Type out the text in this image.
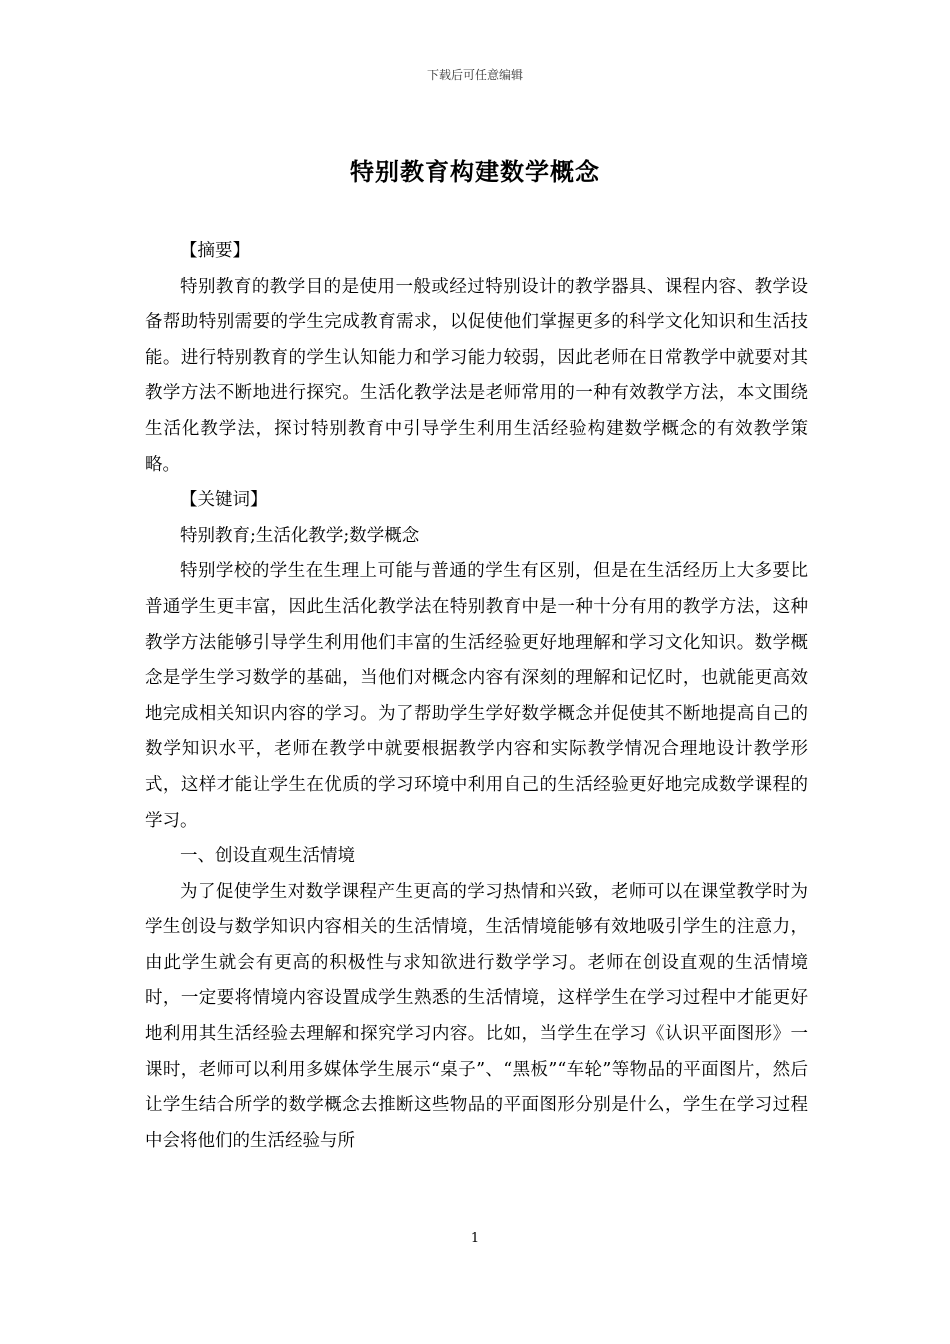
下载后可任意编辑
特别教育构建数学概念

【摘要】

特别教育的教学目的是使用一般或经过特别设计的教学器具、课程内容、教学设备帮助特别需要的学生完成教育需求，以促使他们掌握更多的科学文化知识和生活技能。进行特别教育的学生认知能力和学习能力较弱，因此老师在日常教学中就要对其教学方法不断地进行探究。生活化教学法是老师常用的一种有效教学方法，本文围绕生活化教学法，探讨特别教育中引导学生利用生活经验构建数学概念的有效教学策略。

【关键词】

特别教育;生活化教学;数学概念

特别学校的学生在生理上可能与普通的学生有区别，但是在生活经历上大多要比普通学生更丰富，因此生活化教学法在特别教育中是一种十分有用的教学方法，这种教学方法能够引导学生利用他们丰富的生活经验更好地理解和学习文化知识。数学概念是学生学习数学的基础，当他们对概念内容有深刻的理解和记忆时，也就能更高效地完成相关知识内容的学习。为了帮助学生学好数学概念并促使其不断地提高自己的数学知识水平，老师在教学中就要根据教学内容和实际教学情况合理地设计教学形式，这样才能让学生在优质的学习环境中利用自己的生活经验更好地完成数学课程的学习。

一、创设直观生活情境

为了促使学生对数学课程产生更高的学习热情和兴致，老师可以在课堂教学时为学生创设与数学知识内容相关的生活情境，生活情境能够有效地吸引学生的注意力，由此学生就会有更高的积极性与求知欲进行数学学习。老师在创设直观的生活情境时，一定要将情境内容设置成学生熟悉的生活情境，这样学生在学习过程中才能更好地利用其生活经验去理解和探究学习内容。比如，当学生在学习《认识平面图形》一课时，老师可以利用多媒体学生展示“桌子”、“黑板”“车轮”等物品的平面图片，然后让学生结合所学的数学概念去推断这些物品的平面图形分别是什么，学生在学习过程中会将他们的生活经验与所

1
